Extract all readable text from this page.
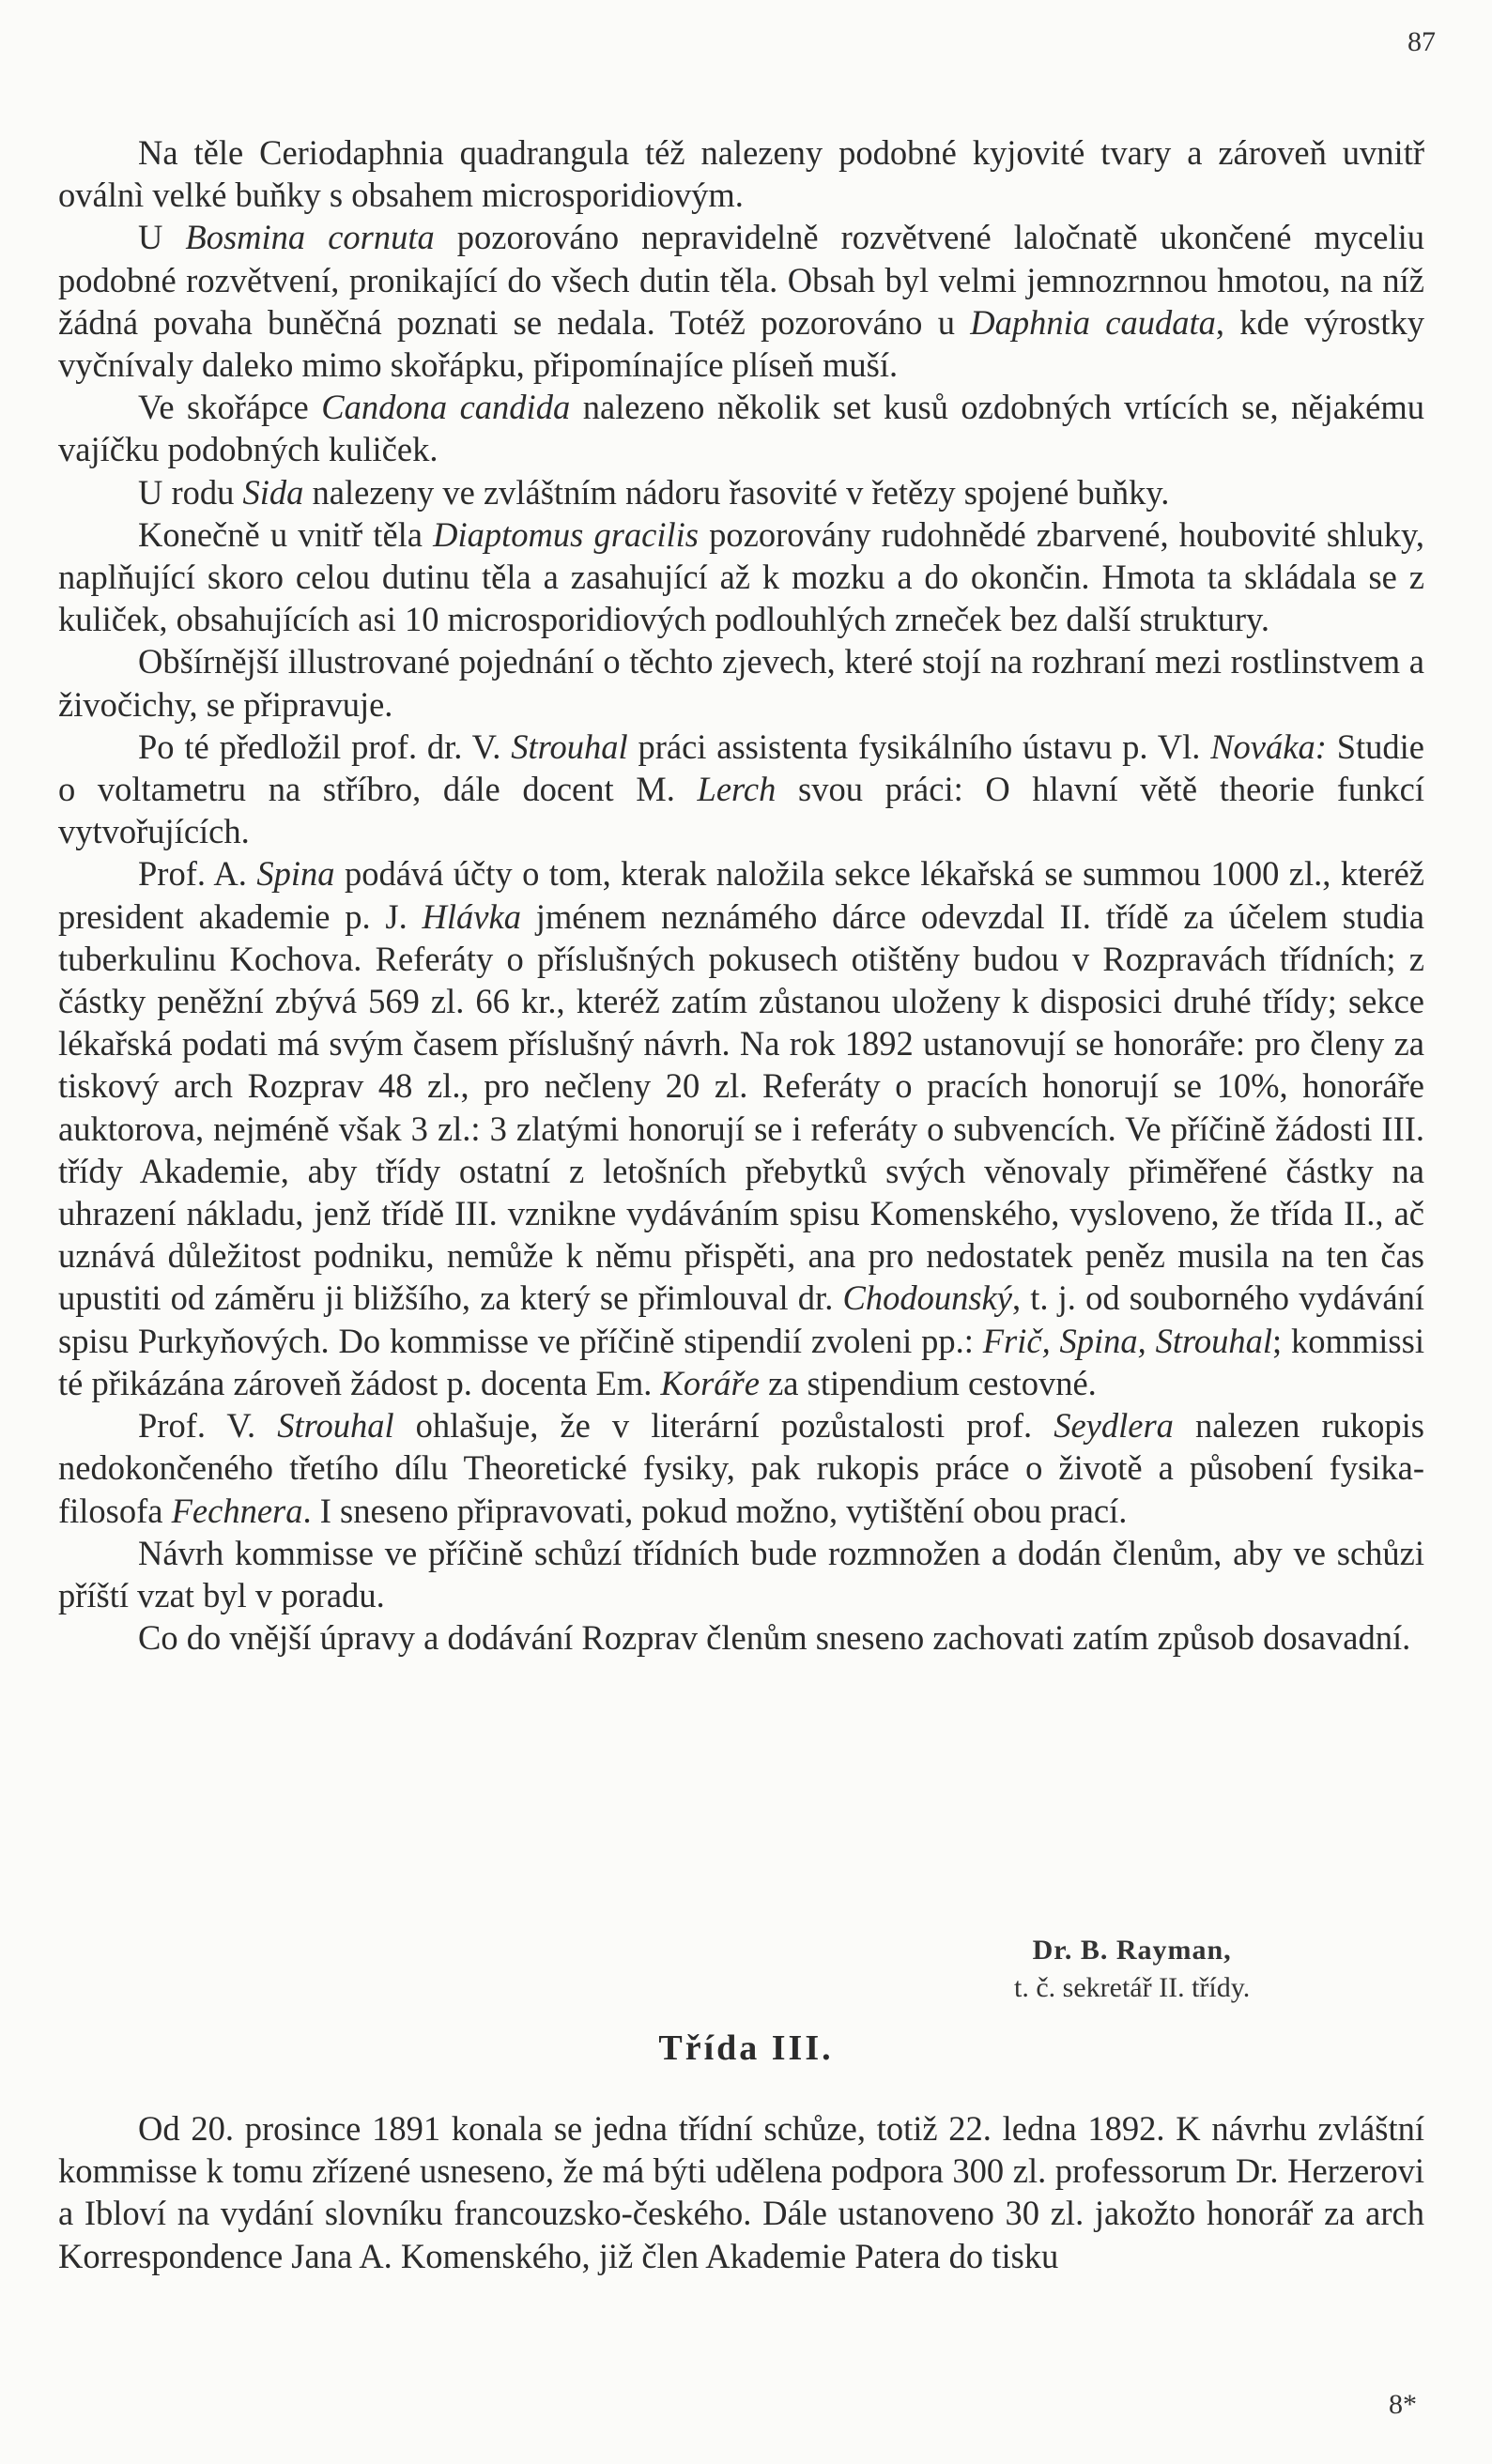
87

Na těle Ceriodaphnia quadrangula též nalezeny podobné kyjovité tvary a zároveň uvnitř oválnì velké buňky s obsahem microsporidiovým.

U Bosmina cornuta pozorováno nepravidelně rozvětvené laločnatě ukončené myceliu podobné rozvětvení, pronikající do všech dutin těla. Obsah byl velmi jemnozrnnou hmotou, na níž žádná povaha buněčná poznati se nedala. Totéž pozorováno u Daphnia caudata, kde výrostky vyčnívaly daleko mimo skořápku, připomínajíce plíseň muší.

Ve skořápce Candona candida nalezeno několik set kusů ozdobných vrtících se, nějakému vajíčku podobných kuliček.

U rodu Sida nalezeny ve zvláštním nádoru řasovité v řetězy spojené buňky.

Konečně u vnitř těla Diaptomus gracilis pozorovány rudohnědé zbarvené, houbovité shluky, naplňující skoro celou dutinu těla a zasahující až k mozku a do okončin. Hmota ta skládala se z kuliček, obsahujících asi 10 microsporidiových podlouhlých zrneček bez další struktury.

Obšírnější illustrované pojednání o těchto zjevech, které stojí na rozhraní mezi rostlinstvem a živočichy, se připravuje.

Po té předložil prof. dr. V. Strouhal práci assistenta fysikálního ústavu p. Vl. Nováka: Studie o voltametru na stříbro, dále docent M. Lerch svou práci: O hlavní větě theorie funkcí vytvořujících.

Prof. A. Spina podává účty o tom, kterak naložila sekce lékařská se summou 1000 zl., kteréž president akademie p. J. Hlávka jménem neznámého dárce odevzdal II. třídě za účelem studia tuberkulinu Kochova. Referáty o příslušných pokusech otištěny budou v Rozpravách třídních; z částky peněžní zbývá 569 zl. 66 kr., kteréž zatím zůstanou uloženy k disposici druhé třídy; sekce lékařská podati má svým časem příslušný návrh. Na rok 1892 ustanovují se honoráře: pro členy za tiskový arch Rozprav 48 zl., pro nečleny 20 zl. Referáty o pracích honorují se 10%, honoráře auktorova, nejméně však 3 zl.: 3 zlatými honorují se i referáty o subvencích. Ve příčině žádosti III. třídy Akademie, aby třídy ostatní z letošních přebytků svých věnovaly přiměřené částky na uhrazení nákladu, jenž třídě III. vznikne vydáváním spisu Komenského, vysloveno, že třída II., ač uznává důležitost podniku, nemůže k němu přispěti, ana pro nedostatek peněz musila na ten čas upustiti od záměru ji bližšího, za který se přimlouval dr. Chodounský, t. j. od souborného vydávání spisu Purkyňových. Do kommisse ve příčině stipendií zvoleni pp.: Frič, Spina, Strouhal; kommissi té přikázána zároveň žádost p. docenta Em. Koráře za stipendium cestovné.

Prof. V. Strouhal ohlašuje, že v literární pozůstalosti prof. Seydlera nalezen rukopis nedokončeného třetího dílu Theoretické fysiky, pak rukopis práce o životě a působení fysika-filosofa Fechnera. I sneseno připravovati, pokud možno, vytištění obou prací.

Návrh kommisse ve příčině schůzí třídních bude rozmnožen a dodán členům, aby ve schůzi příští vzat byl v poradu.

Co do vnější úpravy a dodávání Rozprav členům sneseno zachovati zatím způsob dosavadní.

Dr. B. Rayman,
t. č. sekretář II. třídy.
Třída III.

Od 20. prosince 1891 konala se jedna třídní schůze, totiž 22. ledna 1892. K návrhu zvláštní kommisse k tomu zřízené usneseno, že má býti udělena podpora 300 zl. professorum Dr. Herzerovi a Ibloví na vydání slovníku francouzsko-českého. Dále ustanoveno 30 zl. jakožto honorář za arch Korrespondence Jana A. Komenského, již člen Akademie Patera do tisku

8*
